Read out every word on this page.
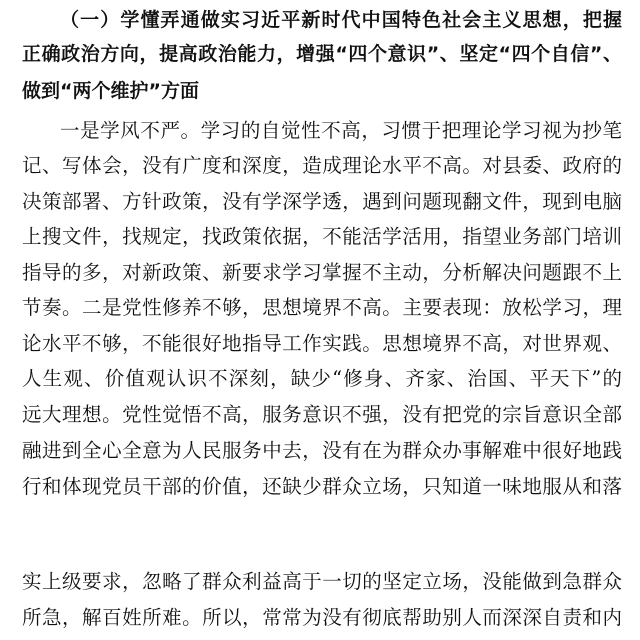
（一）学懂弄通做实习近平新时代中国特色社会主义思想，把握
正确政治方向，提高政治能力，增强“四个意识”、坚定“四个自信”、
做到“两个维护”方面
一是学风不严。学习的自觉性不高，习惯于把理论学习视为抄笔
记、写体会，没有广度和深度，造成理论水平不高。对县委、政府的
决策部署、方针政策，没有学深学透，遇到问题现翻文件，现到电脑
上搜文件，找规定，找政策依据，不能活学活用，指望业务部门培训
指导的多，对新政策、新要求学习掌握不主动，分析解决问题跟不上
节奏。二是党性修养不够，思想境界不高。主要表现：放松学习，理
论水平不够，不能很好地指导工作实践。思想境界不高，对世界观、
人生观、价值观认识不深刻，缺少“修身、齐家、治国、平天下”的
远大理想。党性觉悟不高，服务意识不强，没有把党的宗旨意识全部
融进到全心全意为人民服务中去，没有在为群众办事解难中很好地践
行和体现党员干部的价值，还缺少群众立场，只知道一味地服从和落
实上级要求，忽略了群众利益高于一切的坚定立场，没能做到急群众
所急，解百姓所难。所以，常常为没有彻底帮助别人而深深自责和内
